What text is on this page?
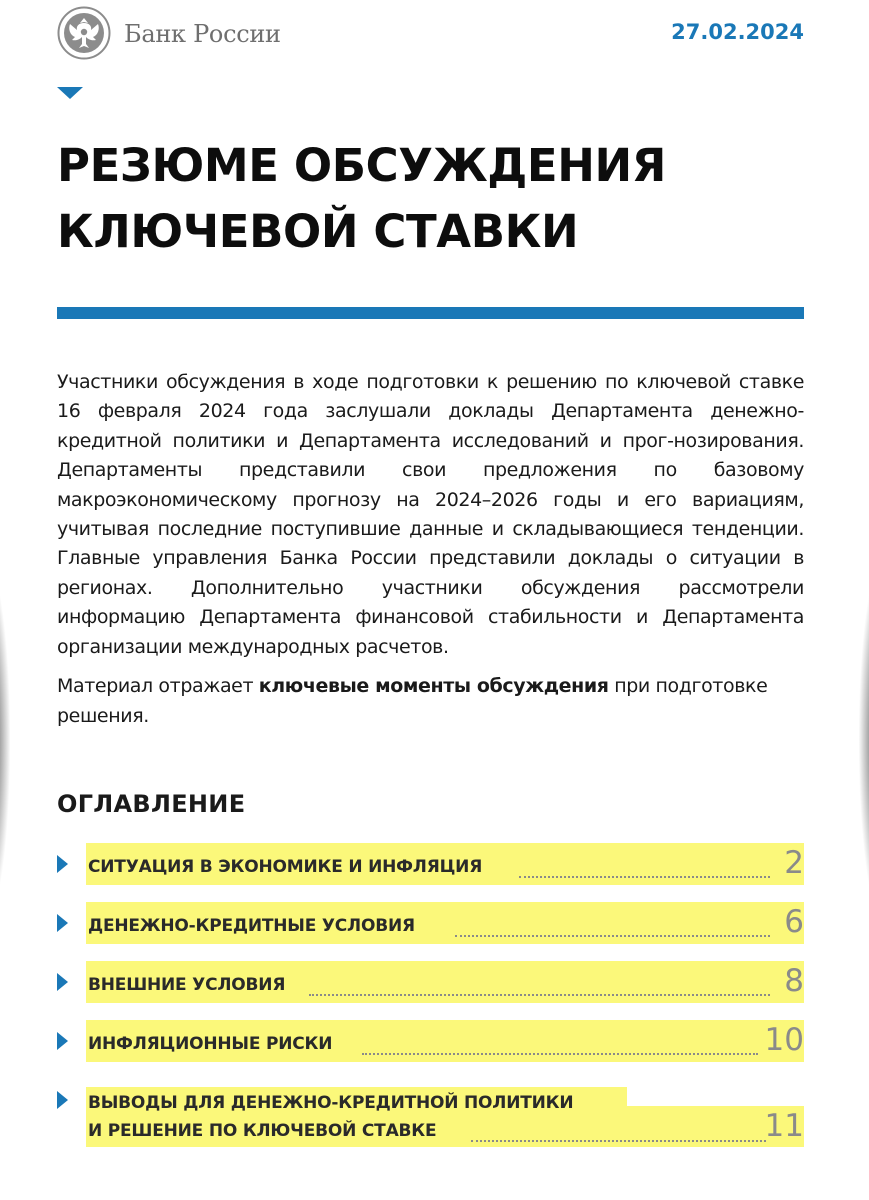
Банк России	27.02.2024
РЕЗЮМЕ ОБСУЖДЕНИЯ
КЛЮЧЕВОЙ СТАВКИ

Участники обсуждения в ходе подготовки к решению по ключевой ставке 16 февраля 2024 года заслушали доклады Департамента денежно-кредитной политики и Департамента исследований и прог-нозирования. Департаменты представили свои предложения по базовому макроэкономическому прогнозу на 2024–2026 годы и его вариациям, учитывая последние поступившие данные и складывающиеся тенденции. Главные управления Банка России представили доклады о ситуации в регионах. Дополнительно участники обсуждения рассмотрели информацию Департамента финансовой стабильности и Департамента организации международных расчетов.

Материал отражает ключевые моменты обсуждения при подготовке решения.

ОГЛАВЛЕНИЕ
СИТУАЦИЯ В ЭКОНОМИКЕ И ИНФЛЯЦИЯ	2
ДЕНЕЖНО-КРЕДИТНЫЕ УСЛОВИЯ	6
ВНЕШНИЕ УСЛОВИЯ	8
ИНФЛЯЦИОННЫЕ РИСКИ	10
ВЫВОДЫ ДЛЯ ДЕНЕЖНО-КРЕДИТНОЙ ПОЛИТИКИ
И РЕШЕНИЕ ПО КЛЮЧЕВОЙ СТАВКЕ	11
